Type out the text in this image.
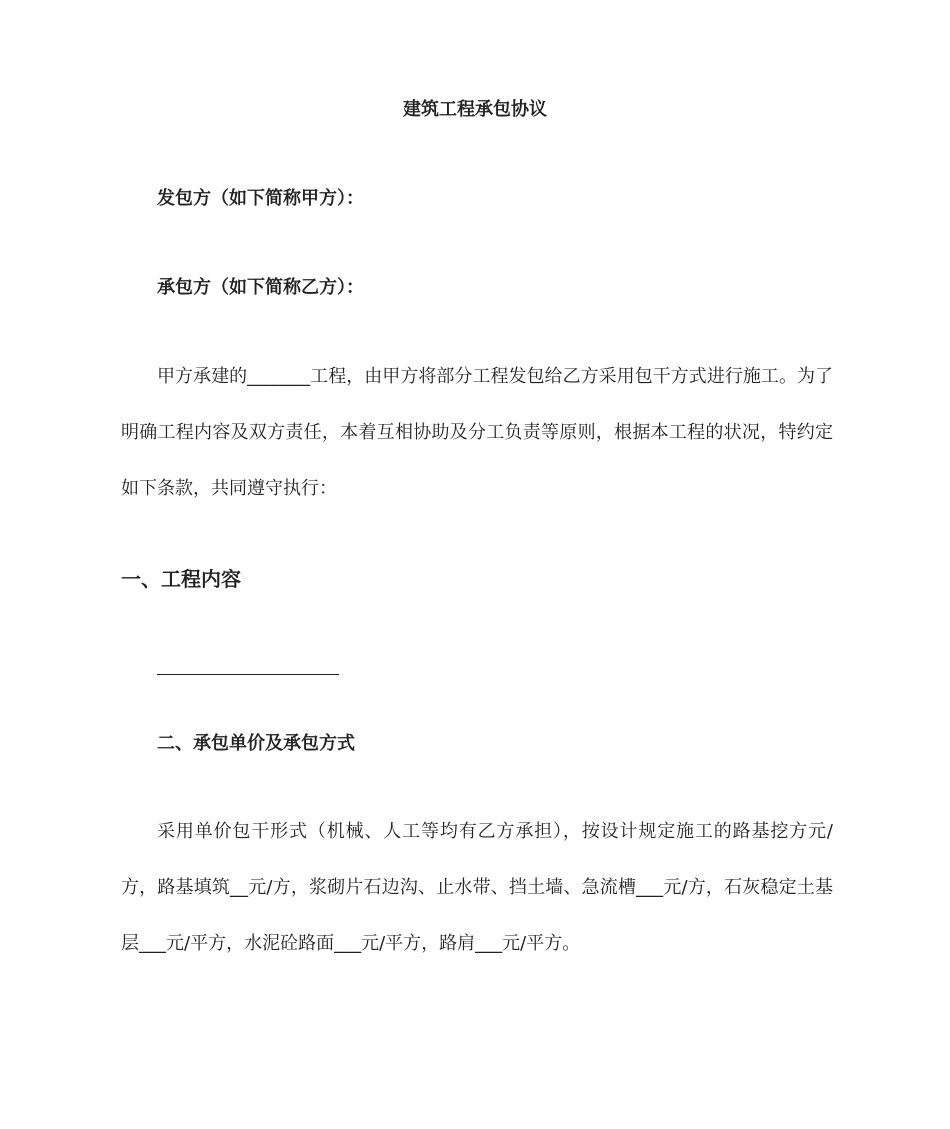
建筑工程承包协议
发包方（如下简称甲方）：
承包方（如下简称乙方）：
甲方承建的_______工程，由甲方将部分工程发包给乙方采用包干方式进行施工。为了明确工程内容及双方责任，本着互相协助及分工负责等原则，根据本工程的状况，特约定如下条款，共同遵守执行：
一、工程内容
二、承包单价及承包方式
采用单价包干形式（机械、人工等均有乙方承担），按设计规定施工的路基挖方元/方，路基填筑__元/方，浆砌片石边沟、止水带、挡土墙、急流槽___元/方，石灰稳定土基层___元/平方，水泥砼路面___元/平方，路肩___元/平方。
